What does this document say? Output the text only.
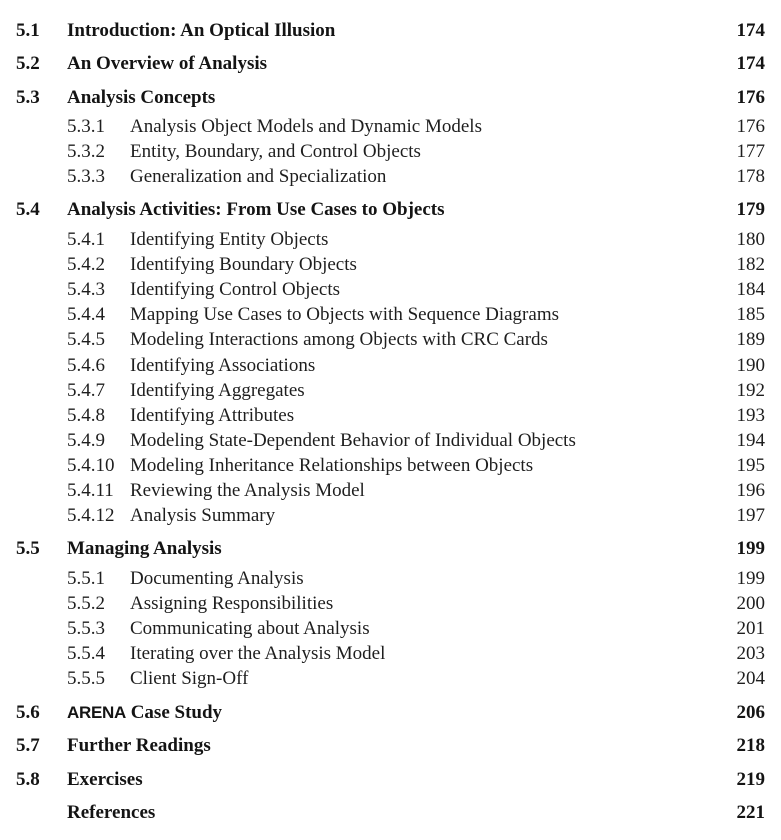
5.1 Introduction: An Optical Illusion	174
5.2 An Overview of Analysis	174
5.3 Analysis Concepts	176
5.3.1 Analysis Object Models and Dynamic Models	176
5.3.2 Entity, Boundary, and Control Objects	177
5.3.3 Generalization and Specialization	178
5.4 Analysis Activities: From Use Cases to Objects	179
5.4.1 Identifying Entity Objects	180
5.4.2 Identifying Boundary Objects	182
5.4.3 Identifying Control Objects	184
5.4.4 Mapping Use Cases to Objects with Sequence Diagrams	185
5.4.5 Modeling Interactions among Objects with CRC Cards	189
5.4.6 Identifying Associations	190
5.4.7 Identifying Aggregates	192
5.4.8 Identifying Attributes	193
5.4.9 Modeling State-Dependent Behavior of Individual Objects	194
5.4.10 Modeling Inheritance Relationships between Objects	195
5.4.11 Reviewing the Analysis Model	196
5.4.12 Analysis Summary	197
5.5 Managing Analysis	199
5.5.1 Documenting Analysis	199
5.5.2 Assigning Responsibilities	200
5.5.3 Communicating about Analysis	201
5.5.4 Iterating over the Analysis Model	203
5.5.5 Client Sign-Off	204
5.6 ARENA Case Study	206
5.7 Further Readings	218
5.8 Exercises	219
References	221
